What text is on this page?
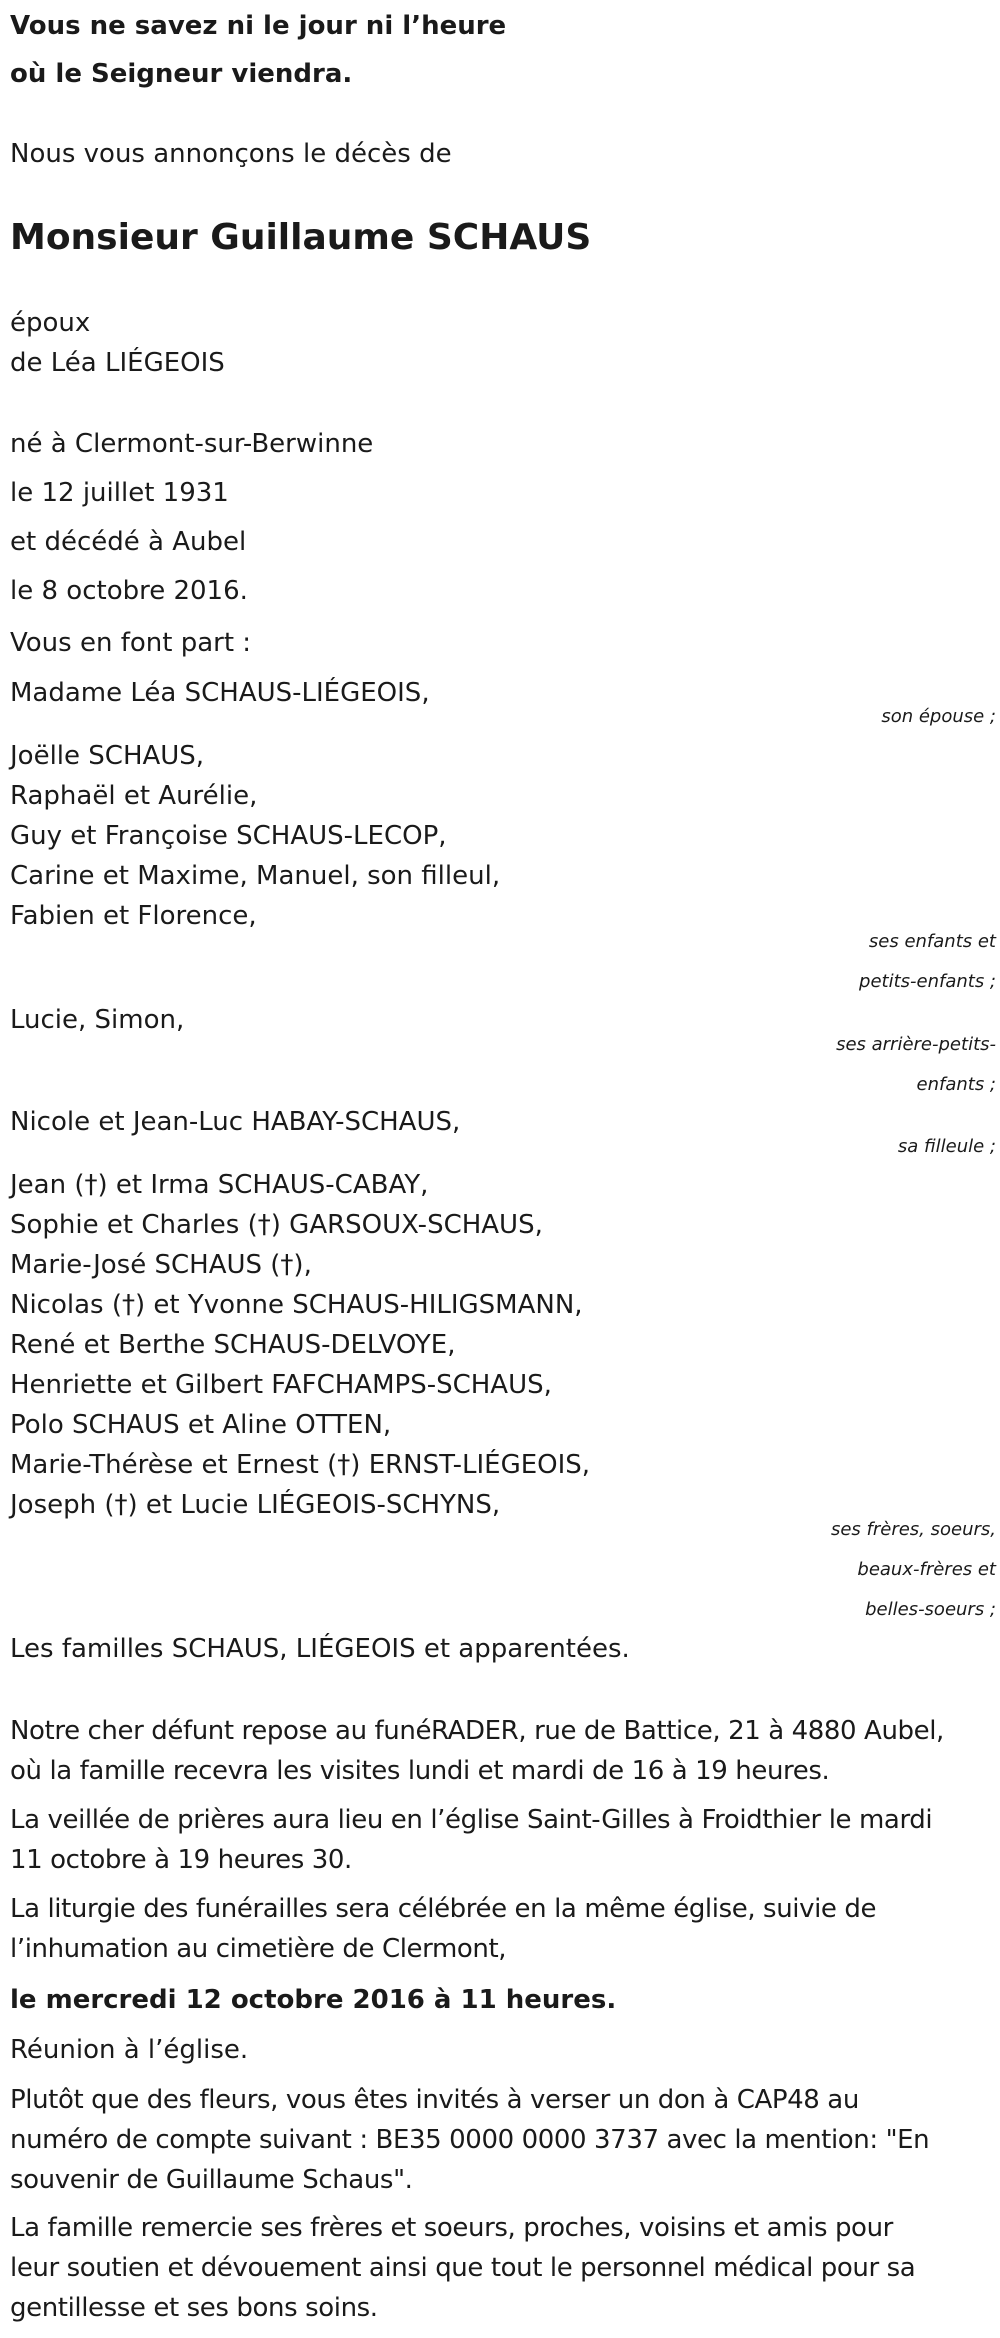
Vous ne savez ni le jour ni l’heure
où le Seigneur viendra.
Nous vous annonçons le décès de
Monsieur Guillaume SCHAUS
époux
de Léa LIÉGEOIS
né à Clermont-sur-Berwinne
le 12 juillet 1931
et décédé à Aubel
le 8 octobre 2016.
Vous en font part :
Madame Léa SCHAUS-LIÉGEOIS,
son épouse ;
Joëlle SCHAUS,
Raphaël et Aurélie,
Guy et Françoise SCHAUS-LECOP,
Carine et Maxime, Manuel, son filleul,
Fabien et Florence,
ses enfants et
petits-enfants ;
Lucie, Simon,
ses arrière-petits-
enfants ;
Nicole et Jean-Luc HABAY-SCHAUS,
sa filleule ;
Jean (†) et Irma SCHAUS-CABAY,
Sophie et Charles (†) GARSOUX-SCHAUS,
Marie-José SCHAUS (†),
Nicolas (†) et Yvonne SCHAUS-HILIGSMANN,
René et Berthe SCHAUS-DELVOYE,
Henriette et Gilbert FAFCHAMPS-SCHAUS,
Polo SCHAUS et Aline OTTEN,
Marie-Thérèse et Ernest (†) ERNST-LIÉGEOIS,
Joseph (†) et Lucie LIÉGEOIS-SCHYNS,
ses frères, soeurs,
beaux-frères et
belles-soeurs ;
Les familles SCHAUS, LIÉGEOIS et apparentées.
Notre cher défunt repose au funéRADER, rue de Battice, 21 à 4880 Aubel,
où la famille recevra les visites lundi et mardi de 16 à 19 heures.
La veillée de prières aura lieu en l’église Saint-Gilles à Froidthier le mardi
11 octobre à 19 heures 30.
La liturgie des funérailles sera célébrée en la même église, suivie de
l’inhumation au cimetière de Clermont,
le mercredi 12 octobre 2016 à 11 heures.
Réunion à l’église.
Plutôt que des fleurs, vous êtes invités à verser un don à CAP48 au
numéro de compte suivant : BE35 0000 0000 3737 avec la mention: "En
souvenir de Guillaume Schaus".
La famille remercie ses frères et soeurs, proches, voisins et amis pour
leur soutien et dévouement ainsi que tout le personnel médical pour sa
gentillesse et ses bons soins.
